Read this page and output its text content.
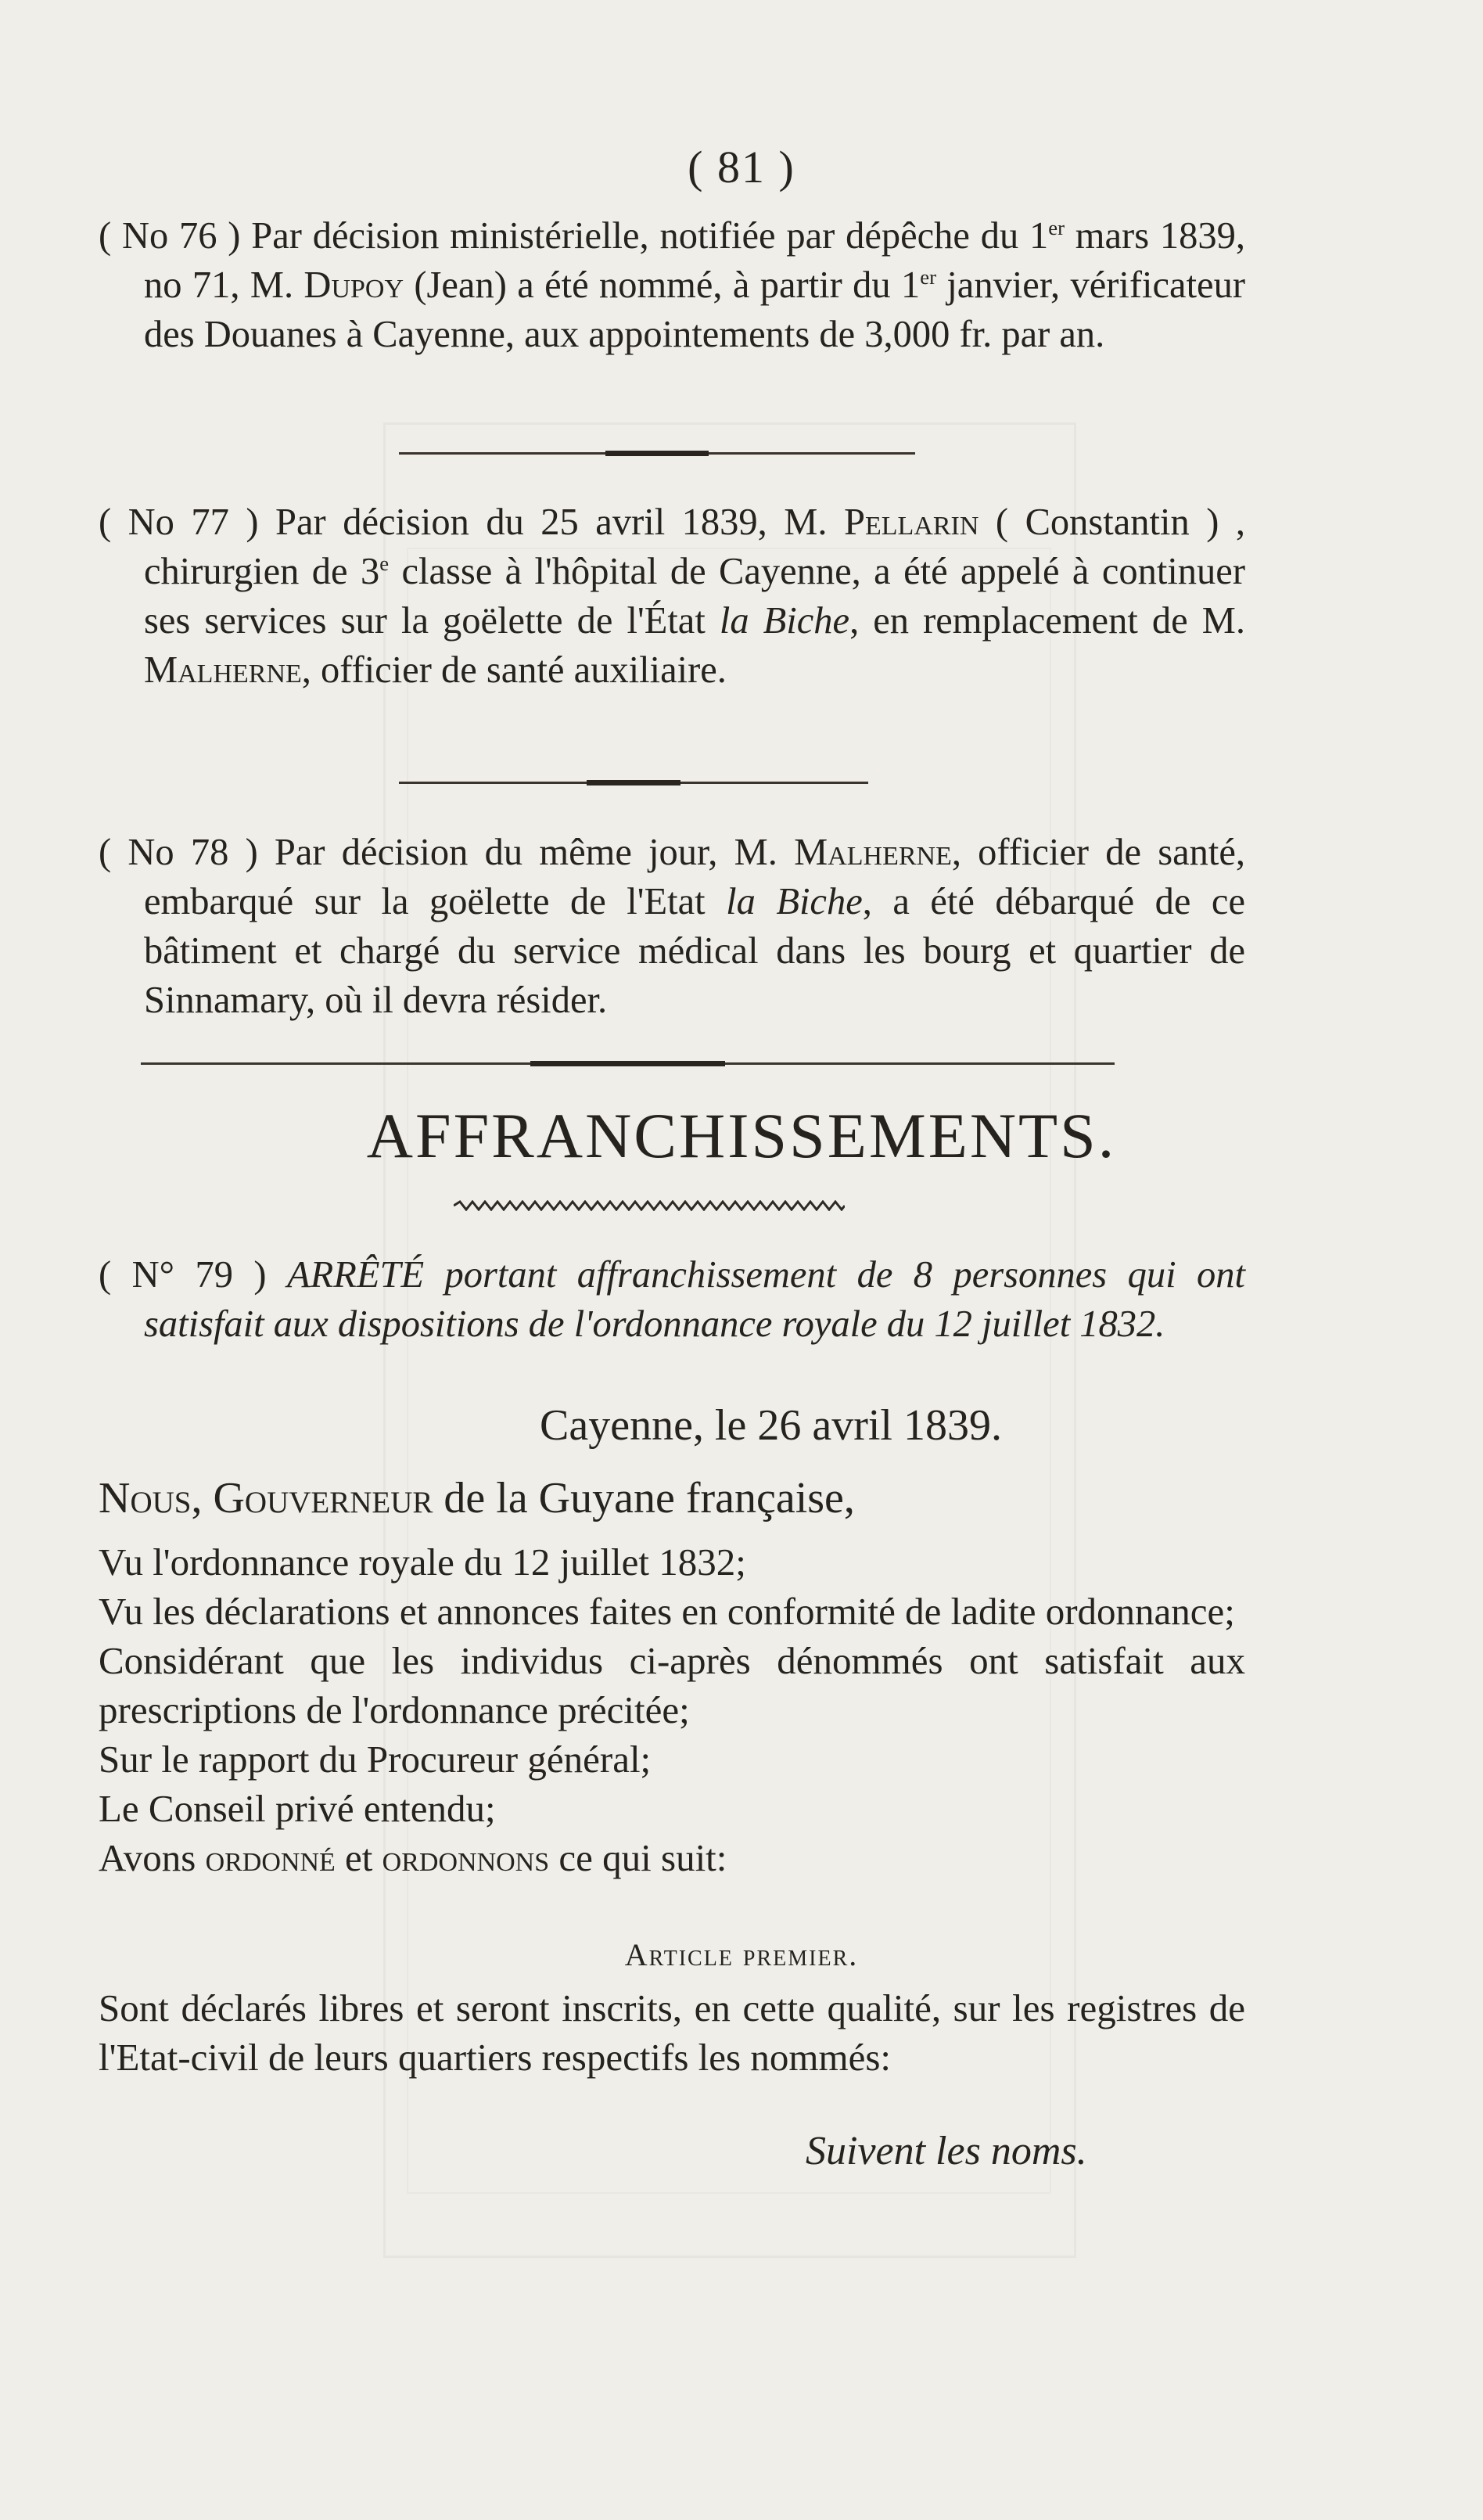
( 81 )

( No 76 ) Par décision ministérielle, notifiée par dépêche du 1er mars 1839, no 71, M. Dupoy (Jean) a été nommé, à partir du 1er janvier, vérificateur des Douanes à Cayenne, aux appointements de 3,000 fr. par an.

( No 77 ) Par décision du 25 avril 1839, M. Pellarin ( Constantin ) , chirurgien de 3e classe à l'hôpital de Cayenne, a été appelé à continuer ses services sur la goëlette de l'État la Biche, en remplacement de M. Malherne, officier de santé auxiliaire.

( No 78 ) Par décision du même jour, M. Malherne, officier de santé, embarqué sur la goëlette de l'Etat la Biche, a été débarqué de ce bâtiment et chargé du service médical dans les bourg et quartier de Sinnamary, où il devra résider.

AFFRANCHISSEMENTS.

( N° 79 ) ARRÊTÉ portant affranchissement de 8 personnes qui ont satisfait aux dispositions de l'ordonnance royale du 12 juillet 1832.

Cayenne, le 26 avril 1839.
Nous, Gouverneur de la Guyane française,
Vu l'ordonnance royale du 12 juillet 1832;
Vu les déclarations et annonces faites en conformité de ladite ordonnance;
Considérant que les individus ci-après dénommés ont satisfait aux prescriptions de l'ordonnance précitée;
Sur le rapport du Procureur général;
Le Conseil privé entendu;
Avons ordonné et ordonnons ce qui suit:
Article premier.
Sont déclarés libres et seront inscrits, en cette qualité, sur les registres de l'Etat-civil de leurs quartiers respectifs les nommés:
Suivent les noms.
